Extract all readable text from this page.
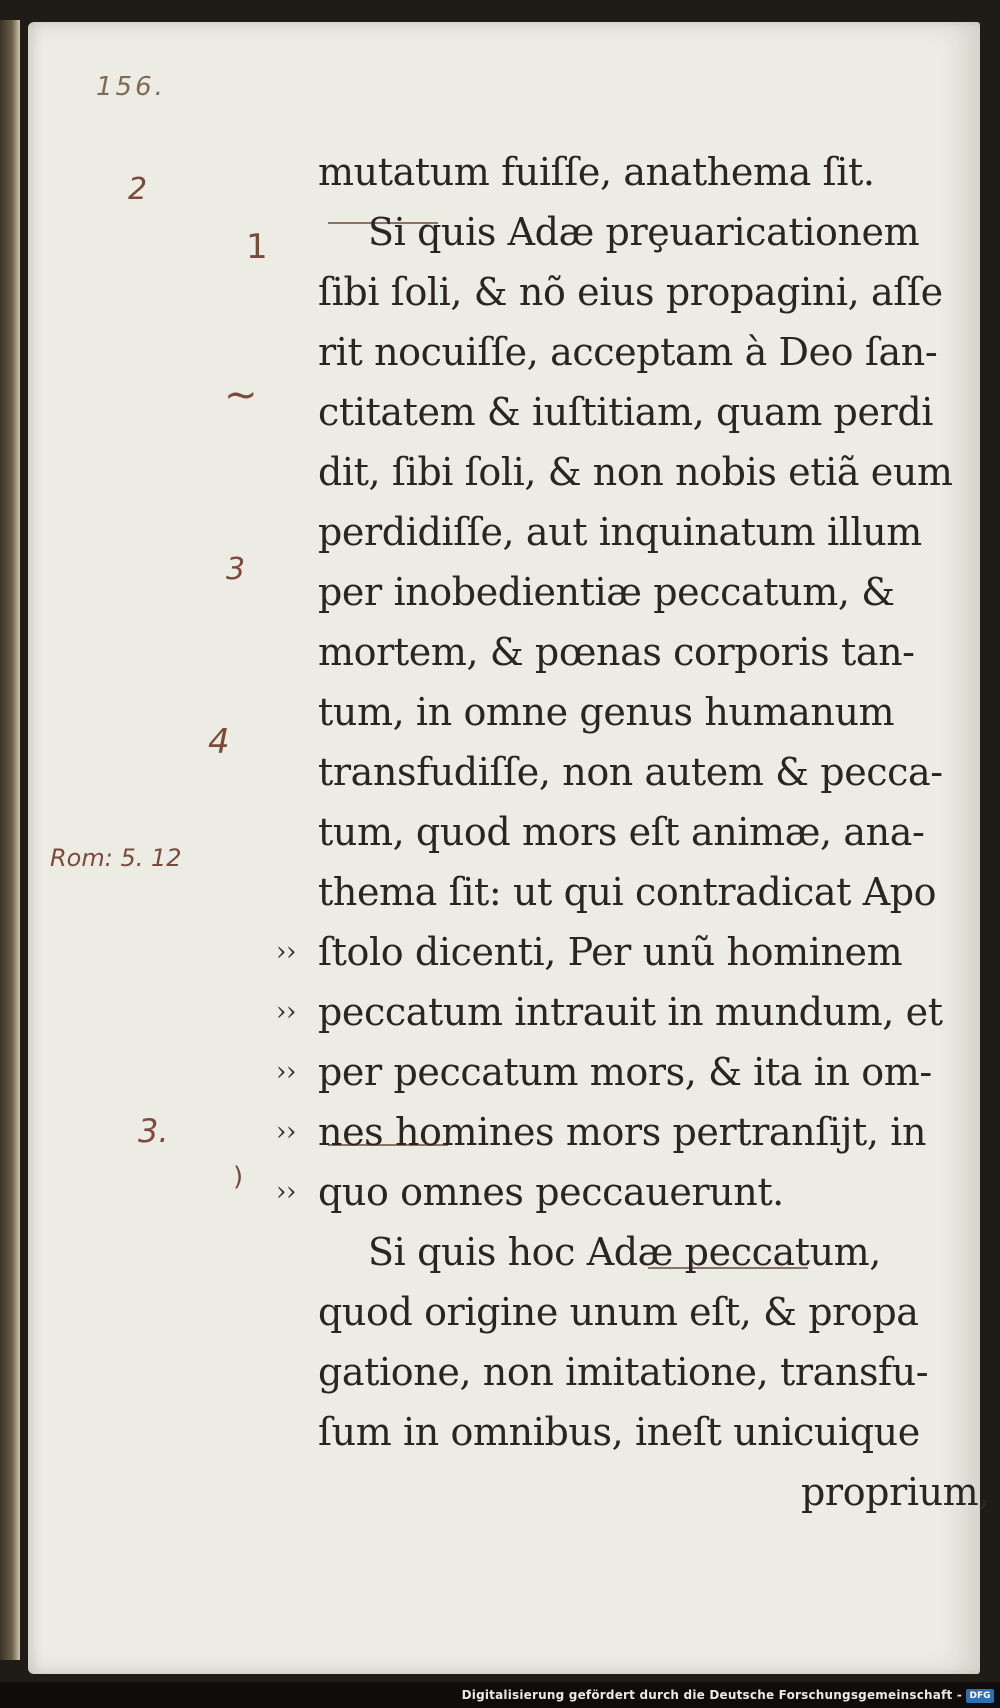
156.
2
1
~
3
4
Rom: 5. 12
3.
)
mutatum fuiſſe, anathema ſit.
Si quis Adæ prȩuaricationem
ſibi ſoli, & nõ eius propagini, aſſe
rit nocuiſſe, acceptam à Deo ſan-
ctitatem & iuſtitiam, quam perdi
dit, ſibi ſoli, & non nobis etiã eum
perdidiſſe, aut inquinatum illum
per inobedientiæ peccatum, &
mortem, & pœnas corporis tan-
tum, in omne genus humanum
transfudiſſe, non autem & pecca-
tum, quod mors eſt animæ, ana-
thema ſit: ut qui contradicat Apo
›› ſtolo dicenti, Per unũ hominem
›› peccatum intrauit in mundum, et
›› per peccatum mors, & ita in om-
›› nes homines mors pertranſijt, in
›› quo omnes peccauerunt.
Si quis hoc Adæ peccatum,
quod origine unum eſt, & propa
gatione, non imitatione, transfu-
ſum in omnibus, ineſt unicuique
proprium,
Digitalisierung gefördert durch die Deutsche Forschungsgemeinschaft - DFG
